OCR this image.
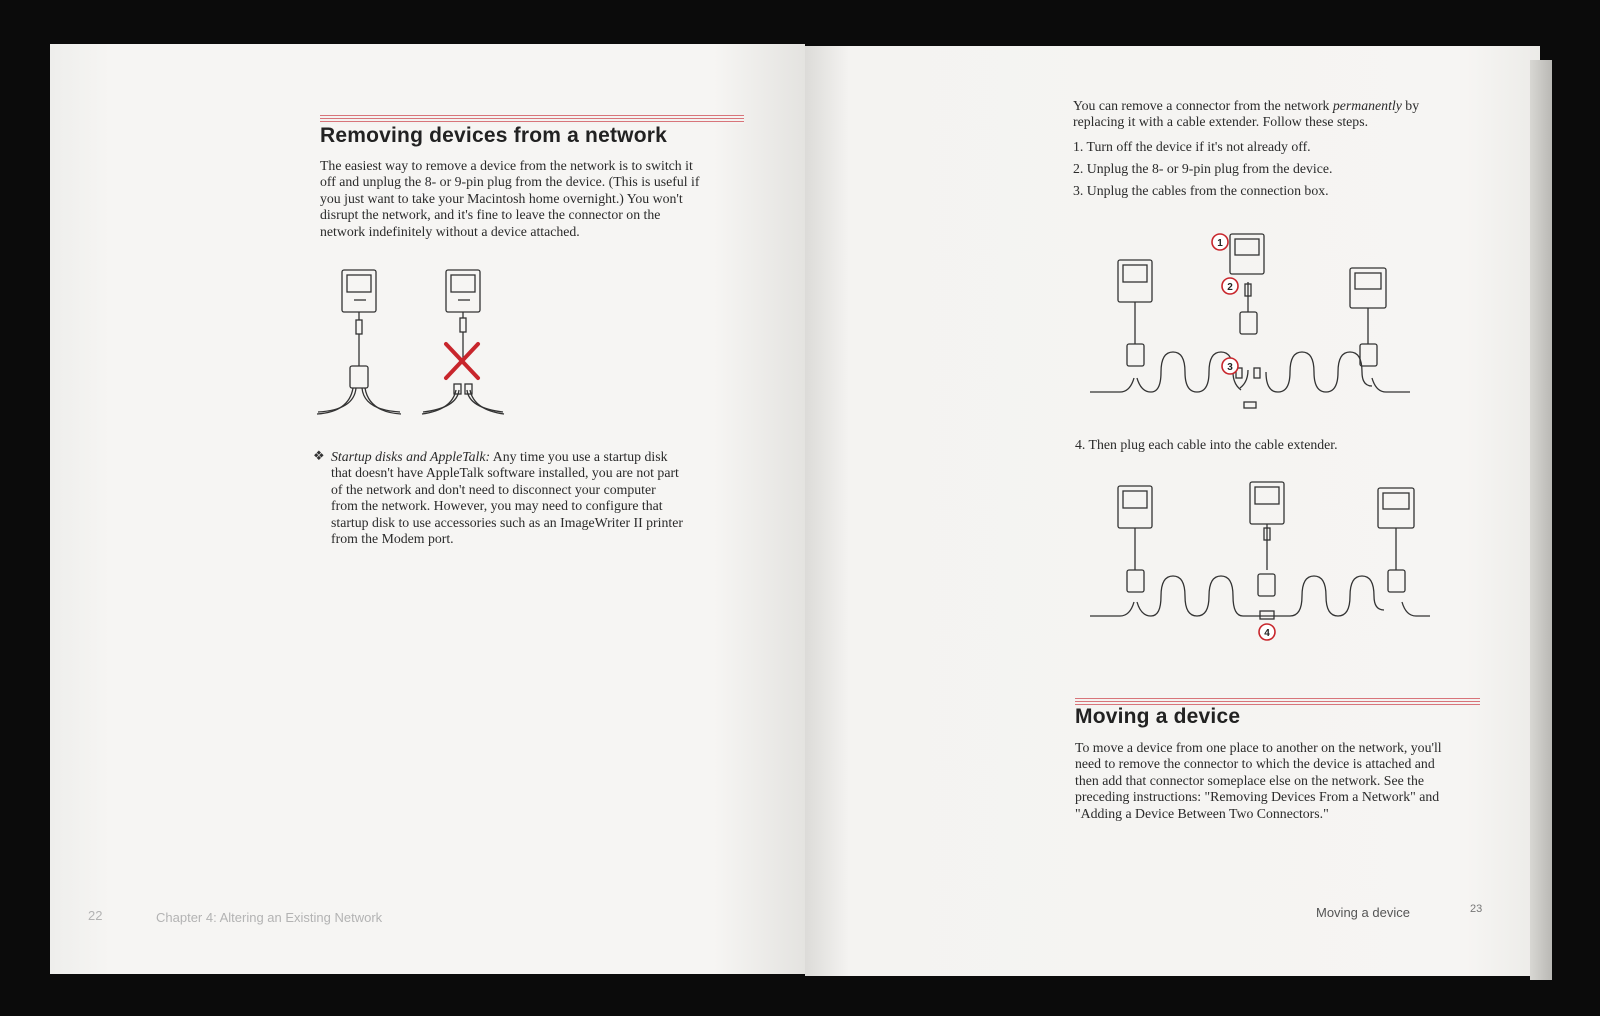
Removing devices from a network
The easiest way to remove a device from the network is to switch it
off and unplug the 8- or 9-pin plug from the device. (This is useful if
you just want to take your Macintosh home overnight.) You won't
disrupt the network, and it's fine to leave the connector on the
network indefinitely without a device attached.
❖ Startup disks and AppleTalk: Any time you use a startup disk
that doesn't have AppleTalk software installed, you are not part
of the network and don't need to disconnect your computer
from the network. However, you may need to configure that
startup disk to use accessories such as an ImageWriter II printer
from the Modem port.
22	Chapter 4: Altering an Existing Network
You can remove a connector from the network permanently by
replacing it with a cable extender. Follow these steps.
1. Turn off the device if it's not already off.
2. Unplug the 8- or 9-pin plug from the device.
3. Unplug the cables from the connection box.
1
2
3
4. Then plug each cable into the cable extender.
4
Moving a device
To move a device from one place to another on the network, you'll
need to remove the connector to which the device is attached and
then add that connector someplace else on the network. See the
preceding instructions: "Removing Devices From a Network" and
"Adding a Device Between Two Connectors."
Moving a device	23
